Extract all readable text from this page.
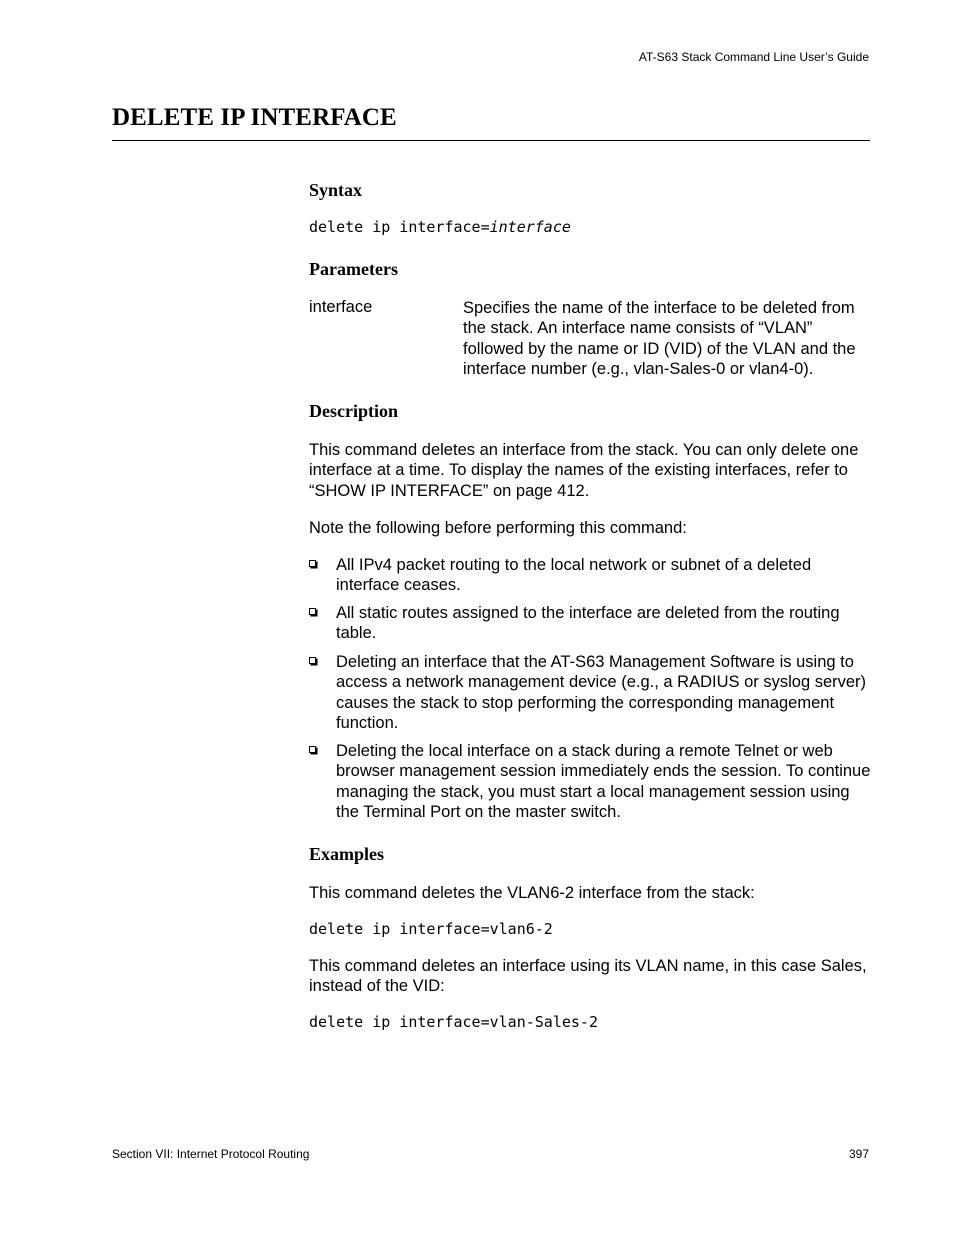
AT-S63 Stack Command Line User’s Guide
DELETE IP INTERFACE
Syntax
delete ip interface=interface
Parameters
interface	Specifies the name of the interface to be deleted from the stack. An interface name consists of “VLAN” followed by the name or ID (VID) of the VLAN and the interface number (e.g., vlan-Sales-0 or vlan4-0).
Description
This command deletes an interface from the stack. You can only delete one interface at a time. To display the names of the existing interfaces, refer to “SHOW IP INTERFACE” on page 412.
Note the following before performing this command:
All IPv4 packet routing to the local network or subnet of a deleted interface ceases.
All static routes assigned to the interface are deleted from the routing table.
Deleting an interface that the AT-S63 Management Software is using to access a network management device (e.g., a RADIUS or syslog server) causes the stack to stop performing the corresponding management function.
Deleting the local interface on a stack during a remote Telnet or web browser management session immediately ends the session. To continue managing the stack, you must start a local management session using the Terminal Port on the master switch.
Examples
This command deletes the VLAN6-2 interface from the stack:
delete ip interface=vlan6-2
This command deletes an interface using its VLAN name, in this case Sales, instead of the VID:
delete ip interface=vlan-Sales-2
Section VII: Internet Protocol Routing	397
